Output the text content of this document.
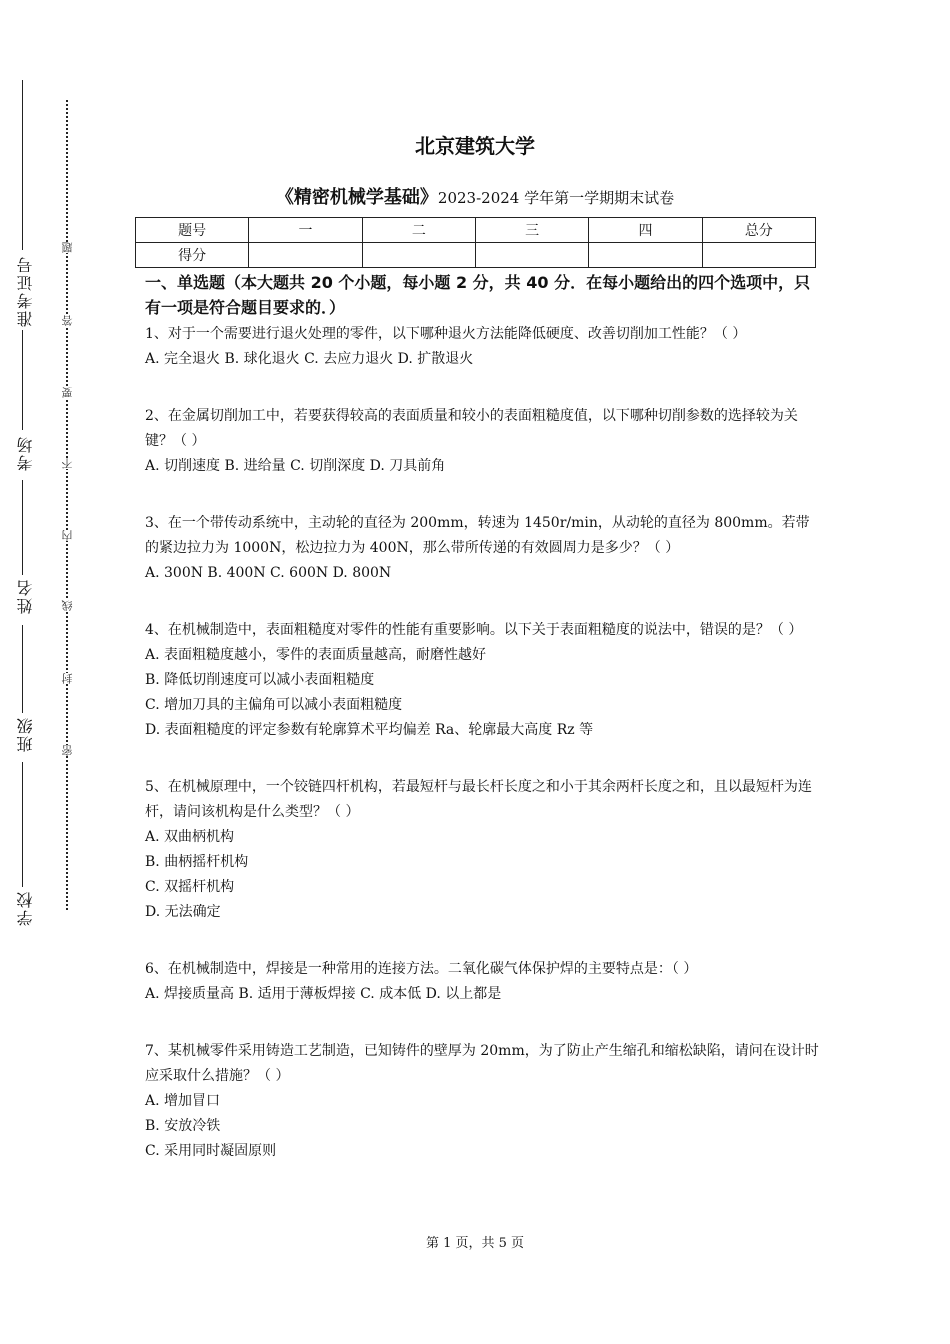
准考证号
考场
姓名
班级
学校
题
答
要
不
内
线
封
密
北京建筑大学
《精密机械学基础》2023-2024 学年第一学期期末试卷
题号	一	二	三	四	总分
得分					

一、单选题（本大题共 20 个小题，每小题 2 分，共 40 分．在每小题给出的四个选项中，只有一项是符合题目要求的．）

1、对于一个需要进行退火处理的零件，以下哪种退火方法能降低硬度、改善切削加工性能？（ ）

A. 完全退火 B. 球化退火 C. 去应力退火 D. 扩散退火

2、在金属切削加工中，若要获得较高的表面质量和较小的表面粗糙度值，以下哪种切削参数的选择较为关键？（ ）

A. 切削速度 B. 进给量 C. 切削深度 D. 刀具前角

3、在一个带传动系统中，主动轮的直径为 200mm，转速为 1450r/min，从动轮的直径为 800mm。若带的紧边拉力为 1000N，松边拉力为 400N，那么带所传递的有效圆周力是多少？（ ）

A. 300N B. 400N C. 600N D. 800N

4、在机械制造中，表面粗糙度对零件的性能有重要影响。以下关于表面粗糙度的说法中，错误的是？（ ）

A. 表面粗糙度越小，零件的表面质量越高，耐磨性越好

B. 降低切削速度可以减小表面粗糙度

C. 增加刀具的主偏角可以减小表面粗糙度

D. 表面粗糙度的评定参数有轮廓算术平均偏差 Ra、轮廓最大高度 Rz 等

5、在机械原理中，一个铰链四杆机构，若最短杆与最长杆长度之和小于其余两杆长度之和，且以最短杆为连杆，请问该机构是什么类型？（ ）

A. 双曲柄机构

B. 曲柄摇杆机构

C. 双摇杆机构

D. 无法确定

6、在机械制造中，焊接是一种常用的连接方法。二氧化碳气体保护焊的主要特点是：（ ）

A. 焊接质量高 B. 适用于薄板焊接 C. 成本低 D. 以上都是

7、某机械零件采用铸造工艺制造，已知铸件的壁厚为 20mm，为了防止产生缩孔和缩松缺陷，请问在设计时应采取什么措施？（ ）

A. 增加冒口

B. 安放冷铁

C. 采用同时凝固原则

第 1 页，共 5 页
